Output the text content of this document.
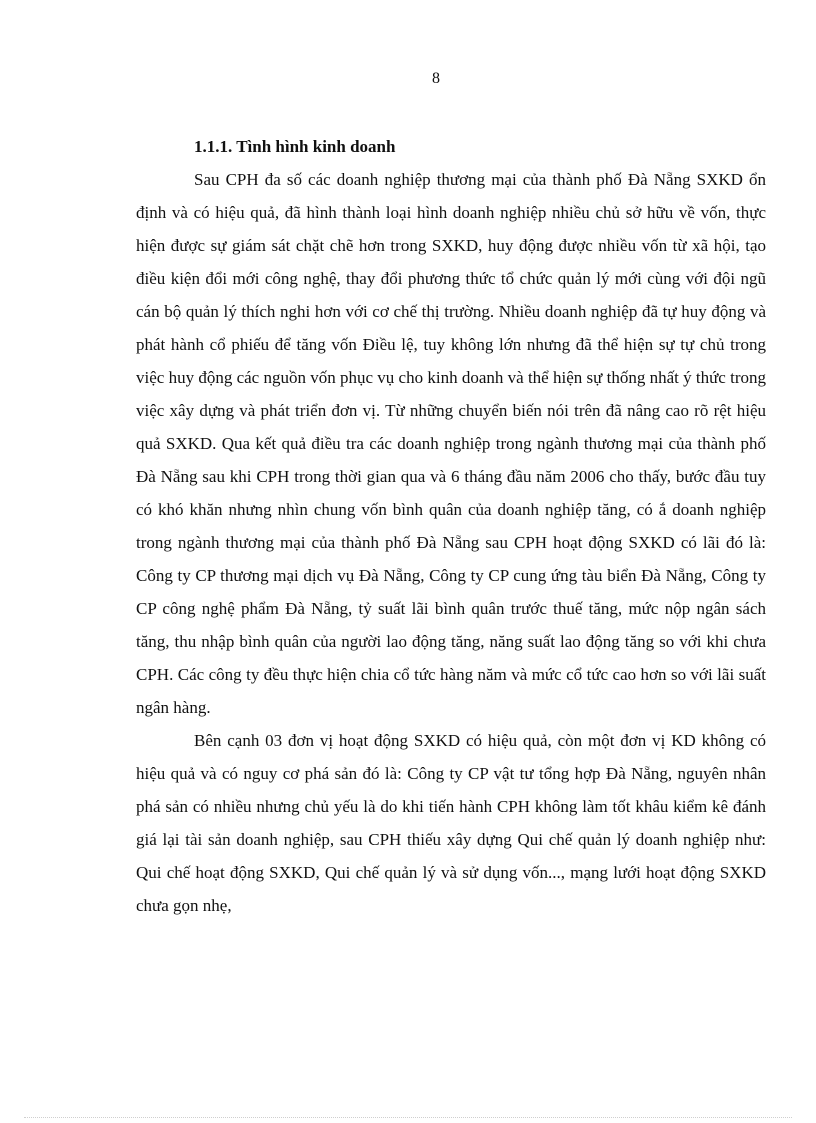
8
1.1.1. Tình hình kinh doanh

Sau CPH đa số các doanh nghiệp thương mại của thành phố Đà Nẵng SXKD ổn định và có hiệu quả, đã hình thành loại hình doanh nghiệp nhiều chủ sở hữu về vốn, thực hiện được sự giám sát chặt chẽ hơn trong SXKD, huy động được nhiều vốn từ xã hội, tạo điều kiện đổi mới công nghệ, thay đổi phương thức tổ chức quản lý mới cùng với đội ngũ cán bộ quản lý thích nghi hơn với cơ chế thị trường. Nhiều doanh nghiệp đã tự huy động và phát hành cổ phiếu để tăng vốn Điều lệ, tuy không lớn nhưng đã thể hiện sự tự chủ trong việc huy động các nguồn vốn phục vụ cho kinh doanh và thể hiện sự thống nhất ý thức trong việc xây dựng và phát triển đơn vị. Từ những chuyển biến nói trên đã nâng cao rõ rệt hiệu quả SXKD. Qua kết quả điều tra các doanh nghiệp trong ngành thương mại của thành phố Đà Nẵng sau khi CPH trong thời gian qua và 6 tháng đầu năm 2006 cho thấy, bước đầu tuy có khó khăn nhưng nhìn chung vốn bình quân của doanh nghiệp tăng, có ắ doanh nghiệp trong ngành thương mại của thành phố Đà Nẵng sau CPH hoạt động SXKD có lãi đó là: Công ty CP thương mại dịch vụ Đà Nẵng, Công ty CP cung ứng tàu biển Đà Nẵng, Công ty CP công nghệ phẩm Đà Nẵng, tỷ suất lãi bình quân trước thuế tăng, mức nộp ngân sách tăng, thu nhập bình quân của người lao động tăng, năng suất lao động tăng so với khi chưa CPH. Các công ty đều thực hiện chia cổ tức hàng năm và mức cổ tức cao hơn so với lãi suất ngân hàng.

Bên cạnh 03 đơn vị hoạt động SXKD có hiệu quả, còn một đơn vị KD không có hiệu quả và có nguy cơ phá sản đó là: Công ty CP vật tư tổng hợp Đà Nẵng, nguyên nhân phá sản có nhiều nhưng chủ yếu là do khi tiến hành CPH không làm tốt khâu kiểm kê đánh giá lại tài sản doanh nghiệp, sau CPH thiếu xây dựng Qui chế quản lý doanh nghiệp như: Qui chế hoạt động SXKD, Qui chế quản lý và sử dụng vốn..., mạng lưới hoạt động SXKD chưa gọn nhẹ,
